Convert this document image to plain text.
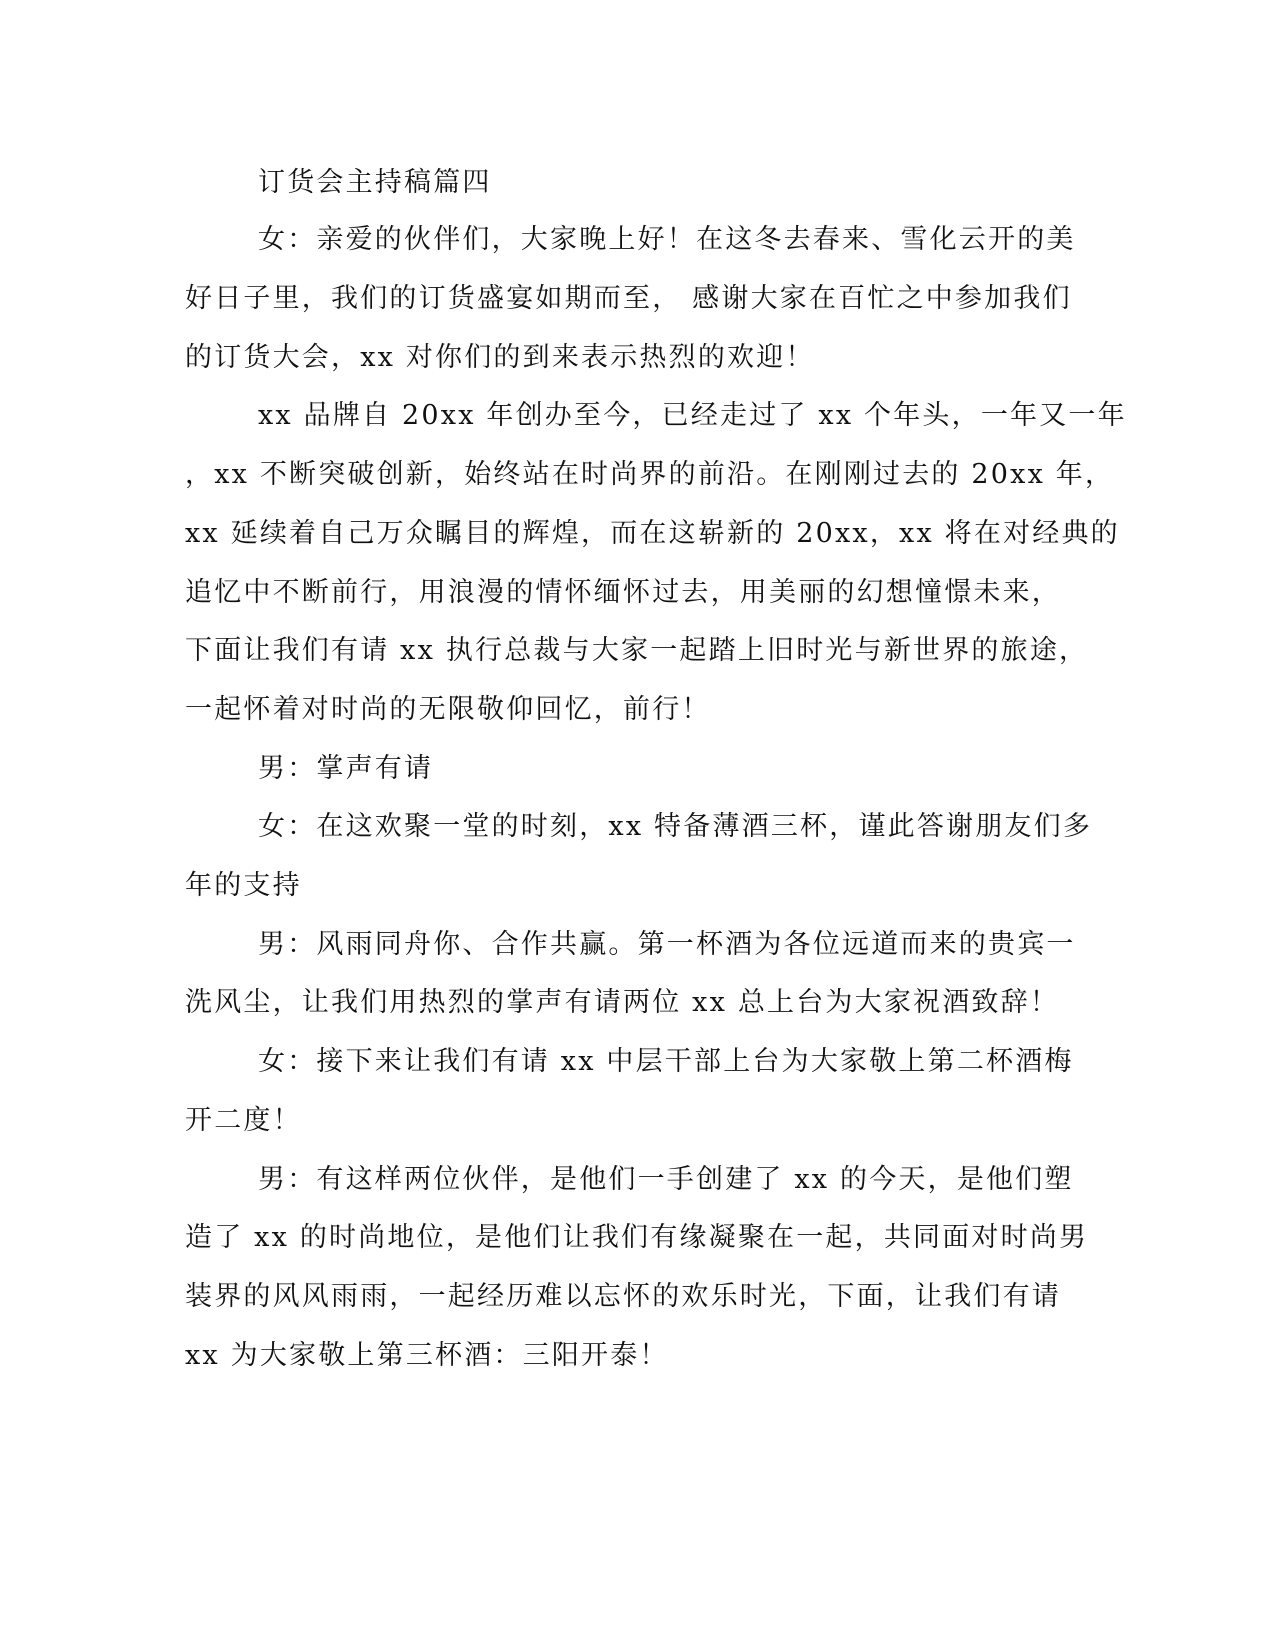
订货会主持稿篇四
女：亲爱的伙伴们，大家晚上好！在这冬去春来、雪化云开的美
好日子里，我们的订货盛宴如期而至， 感谢大家在百忙之中参加我们
的订货大会，xx 对你们的到来表示热烈的欢迎！
xx 品牌自 20xx 年创办至今，已经走过了 xx 个年头，一年又一年
，xx 不断突破创新，始终站在时尚界的前沿。在刚刚过去的 20xx 年，
xx 延续着自己万众瞩目的辉煌，而在这崭新的 20xx，xx 将在对经典的
追忆中不断前行，用浪漫的情怀缅怀过去，用美丽的幻想憧憬未来，
下面让我们有请 xx 执行总裁与大家一起踏上旧时光与新世界的旅途，
一起怀着对时尚的无限敬仰回忆，前行！
男：掌声有请
女：在这欢聚一堂的时刻，xx 特备薄酒三杯，谨此答谢朋友们多
年的支持
男：风雨同舟你、合作共赢。第一杯酒为各位远道而来的贵宾一
洗风尘，让我们用热烈的掌声有请两位 xx 总上台为大家祝酒致辞！
女：接下来让我们有请 xx 中层干部上台为大家敬上第二杯酒梅
开二度！
男：有这样两位伙伴，是他们一手创建了 xx 的今天，是他们塑
造了 xx 的时尚地位，是他们让我们有缘凝聚在一起，共同面对时尚男
装界的风风雨雨，一起经历难以忘怀的欢乐时光，下面，让我们有请
xx 为大家敬上第三杯酒：三阳开泰！
